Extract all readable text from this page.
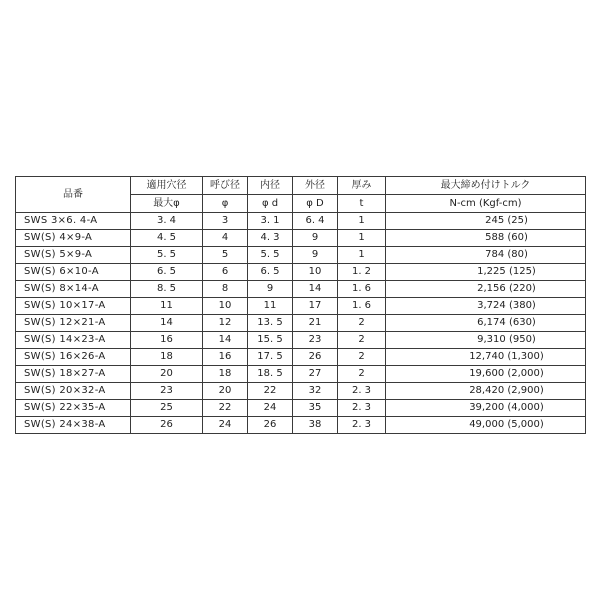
品番	適用穴径	呼び径	内径	外径	厚み	最大締め付けトルク
	最大φ	φ	φ d	φ D	t	N-cm (Kgf-cm)
SWS 3×6. 4-A	3. 4	3	3. 1	6. 4	1	245 (25)
SW(S) 4×9-A	4. 5	4	4. 3	9	1	588 (60)
SW(S) 5×9-A	5. 5	5	5. 5	9	1	784 (80)
SW(S) 6×10-A	6. 5	6	6. 5	10	1. 2	1,225 (125)
SW(S) 8×14-A	8. 5	8	9	14	1. 6	2,156 (220)
SW(S) 10×17-A	11	10	11	17	1. 6	3,724 (380)
SW(S) 12×21-A	14	12	13. 5	21	2	6,174 (630)
SW(S) 14×23-A	16	14	15. 5	23	2	9,310 (950)
SW(S) 16×26-A	18	16	17. 5	26	2	12,740 (1,300)
SW(S) 18×27-A	20	18	18. 5	27	2	19,600 (2,000)
SW(S) 20×32-A	23	20	22	32	2. 3	28,420 (2,900)
SW(S) 22×35-A	25	22	24	35	2. 3	39,200 (4,000)
SW(S) 24×38-A	26	24	26	38	2. 3	49,000 (5,000)
